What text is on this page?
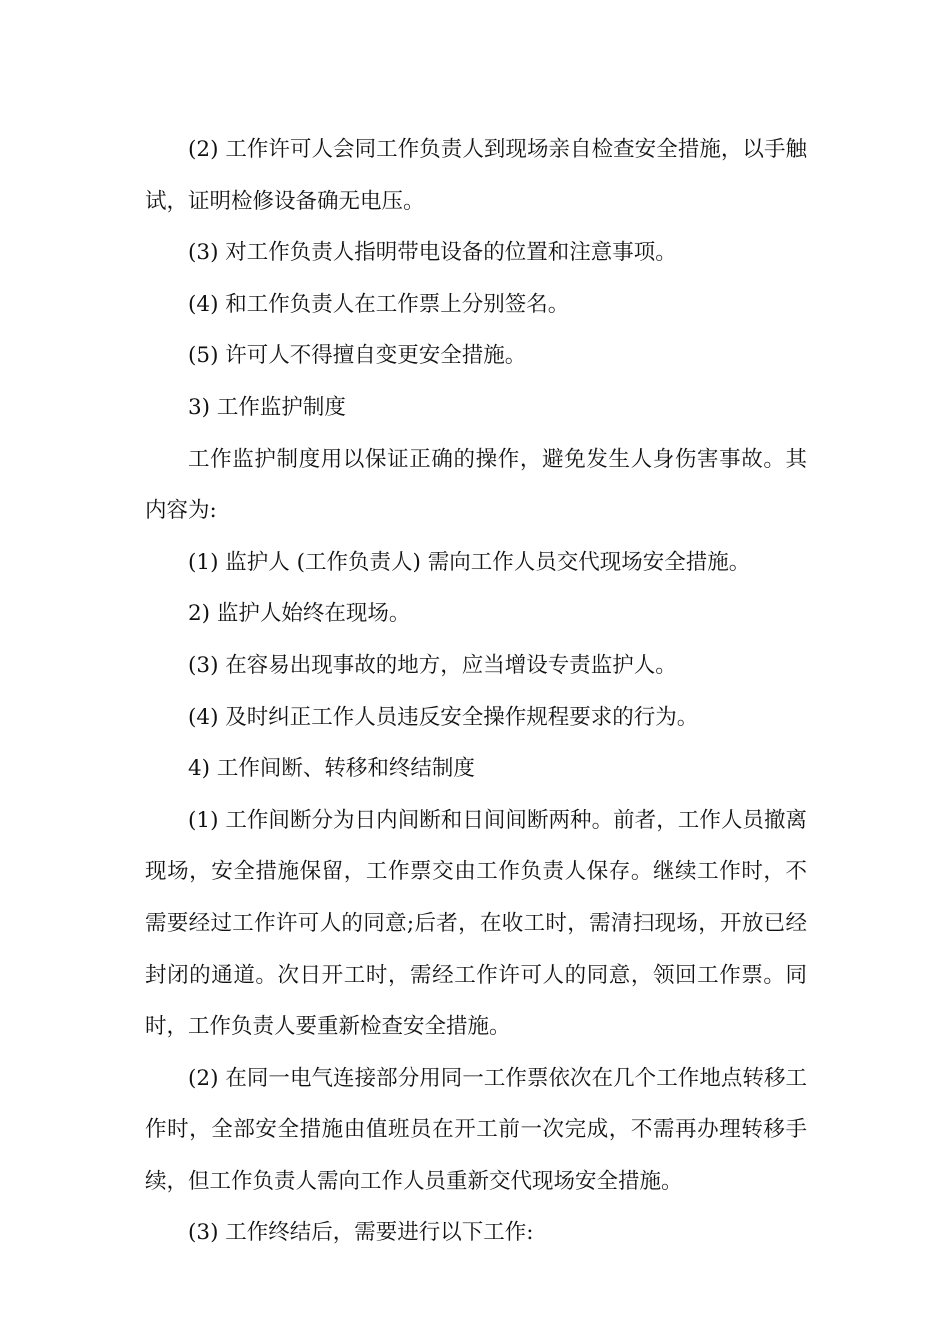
(2) 工作许可人会同工作负责人到现场亲自检查安全措施，以手触试，证明检修设备确无电压。

(3) 对工作负责人指明带电设备的位置和注意事项。

(4) 和工作负责人在工作票上分别签名。

(5) 许可人不得擅自变更安全措施。

3) 工作监护制度

工作监护制度用以保证正确的操作，避免发生人身伤害事故。其内容为:

(1) 监护人 (工作负责人) 需向工作人员交代现场安全措施。

2) 监护人始终在现场。

(3) 在容易出现事故的地方，应当增设专责监护人。

(4) 及时纠正工作人员违反安全操作规程要求的行为。

4) 工作间断、转移和终结制度

(1) 工作间断分为日内间断和日间间断两种。前者，工作人员撤离现场，安全措施保留，工作票交由工作负责人保存。继续工作时，不需要经过工作许可人的同意;后者，在收工时，需清扫现场，开放已经封闭的通道。次日开工时，需经工作许可人的同意，领回工作票。同时，工作负责人要重新检查安全措施。

(2) 在同一电气连接部分用同一工作票依次在几个工作地点转移工作时，全部安全措施由值班员在开工前一次完成，不需再办理转移手续，但工作负责人需向工作人员重新交代现场安全措施。

(3) 工作终结后，需要进行以下工作:
